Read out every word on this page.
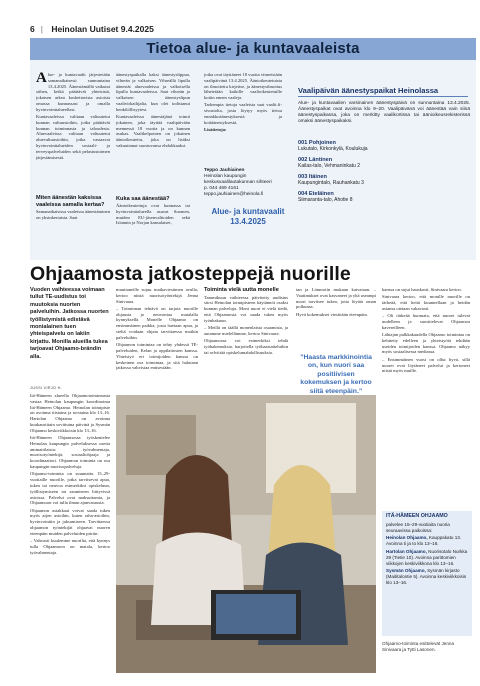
6 | Heinolan Uutiset 9.4.2025
Tietoa alue- ja kuntavaaleista
A lue- ja kuntavaalit järjestetään samanaikaisesti sunnuntaina 13.4.2025. Äänestämällä vaikutat siihen, ketkä päättävät yhteisistä, jokaisen arkea koskettavista asioista omassa kunnassasi ja omalla hyvinvointialueellasi.

Kuntavaaleissa valitaan valtuutetut kunnan valtuustoihin, jotka päättävät kunnan toiminnasta ja taloudesta. Aluevaaleissa valitaan valtuutetut aluevaltuustoihin, jotka vastaavat hyvinvointialueiden sosiaali- ja terveyspalveluiden sekä pelastustoimen järjestämisestä.

Miten äänestän kaksissa vaaleissa samalla kertaa?

Samanaikaisissa vaaleissa äänestäminen on yksinkertaista. Saat

äänestyspaikalla kaksi äänestyslippua, vihreän ja valkoisen. Vihreällä lipulla äänestät aluevaaleissa ja valkoisella lipulla kuntavaaleissa. Saat vihreän ja valkoisen äänestyslipun vaalivirkailijalta, kun olet todistanut henkilöllisyytesi.

Kuntavaaleissa äänestäjänä toimii jokainen, joka täyttää vaalipäivään mennessä 18 vuotta ja on kunnan asukas. Vaalikelpoinen on jokainen äänioikeutettu, joka on lisäksi vakuuttanut suostuvansa ehdokkaaksi.

Kuka saa äänestää?

Äänioikeutettuja ovat kunnassa tai hyvinvointialueella asuvat Suomen, muiden EU-jäsenvaltioiden sekä Islannin ja Norjan kansalaiset,

jotka ovat täyttäneet 18 vuotta viimeistään vaalipäivänä 13.4.2025. Äänioikeutetuista on ilmoitettu kirjeitse, ja äänestysilmoitus lähetetään kaikille vaalioikeutetuille kotiin ennen vaaleja.

Tarkempia tietoja vaaleista saat vaalit.fi-sivustolta, josta löytyy myös tietoa ennakkoäänestyksestä ja kotiäänestyksestä.

Lisätietoja:

Teppo Jauhiainen
Heinolan kaupungin keskusvaalilautakunnan sihteeri
p. 044 469 4161
teppo.jauhiainen@heinola.fi
Alue- ja kuntavaalit
13.4.2025
Vaalipäivän äänestyspaikat Heinolassa
Alue- ja kuntavaalien varsinainen äänestyspäivä on sunnuntaina 13.4.2025. Äänestyspaikat ovat avoinna klo 9–20. Vaalipäivänä voi äänestää vain siinä äänestyspaikassa, joka on merkitty vaalikortissa tai äänioikeusrekisterissä omaksi äänestyspaikaksi.
001 Pohjoinen
Lukutalo, Kirkonkylä, Koulukuja
002 Läntinen
Kailas-talo, Vehmaninkatu 2
003 Itäinen
Kaupungintalo, Rauhankatu 3
004 Eteläinen
Siimaranta-talo, Ahotie 8
Ohjaamosta jatkosteppejä nuorille
Vuoden vaihteessa voimaan tullut TE-uudistus toi muutoksia nuorten palveluihin. Jatkossa nuorten työllistymistä edistävä monialainen tuen yhteispalvelu on lakiin kirjattu. Monilla alueilla tukea tarjoavat Ohjaamo-brändin alla.
JUSSI VIRJO H.

Itä-Hämeen alueella Ohjaamotoiminnasta vastaa Heinolan kaupungin koordinoima Itä-Hämeen Ohjaamo. Heinolan toimipiste on avoinna tiistaina ja torstaina klo 13–16. Hartolan Ohjaamo on avoinna kuukausittain sovittuina päivinä ja Sysmän Ohjaamo keskiviikkoisin klo 13–16.

Itä-Hämeen Ohjaamossa työskentelee Heinolan kaupungin palveluksessa useita ammattilaisia: työvalmentaja, nuorisotyöntekijä, sosiaaliohjaaja ja koordinaattori. Ohjaamon toiminta on osa kaupungin nuorisopalveluja.

Ohjaamo-toiminta on suunnattu 15–29-vuotiaille nuorille, jotka tarvitsevat apua, tukea tai neuvoa esimerkiksi opiskeluun, työllistymiseen tai asumiseen liittyvissä asioissa. Palvelut ovat maksuttomia, ja Ohjaamoon voi tulla ilman ajanvarausta.

Ohjaamon asiakkaat voivat saada tukea myös arjen asioihin, kuten raha-asioihin, hyvinvointiin ja jaksamiseen. Tarvittaessa ohjaamon työntekijät ohjaavat nuoren eteenpäin muiden palveluiden piiriin.

– Vahvasti kuulemme nuorilta, että kynnys tulla Ohjaamoon on matala, kertoo työvalmentaja.

muuttaneille sujuu matkaviestimen avulla, kertoo niistä nuorisotyöntekijä Jenna Sinivaara.

– Toiminnan tehtävä on tarjota nuorille ohjausta ja neuvontaa matalalla kynnyksellä. Monelle Ohjaamo on ensimmäinen paikka, josta haetaan apua, ja sieltä voidaan ohjata tarvittaessa muihin palveluihin.

Ohjaamon toimintaa on tehty yhdessä TE-palveluiden, Kelan ja oppilaitosten kanssa. Yhteistyö eri toimijoiden kanssa on keskeinen osa toimintaa, ja sitä halutaan jatkossa vahvistaa entisestään.

Toiminta vielä uutta monelle

Tammikuun vaihteessa päivitetty uudistus siirsi Heinolan toimipisteen käytännöt osaksi kunnan palveluja. Moni nuori ei vielä tiedä, että Ohjaamosta voi saada tukea myös työnhakuun.

– Meillä on täällä monenlaista osaamista, ja autamme mielellämme, kertoo Sinivaara.

Ohjaamossa voi esimerkiksi tehdä työhakemuksia, harjoitella työhaastatteluihin tai selvittää opiskelumahdollisuuksia.

tan ja Lönnrotin mukaan kaivataan. – Vaatimukset ovat kasvaneet ja yhä useampi nuori tarvitsee tukea, jotta löytää oman polkunsa.

Hyvä kokemukset viestitään eteenpäin.

”Haasta markkinointia on, kun nuori saa positiivisen kokemuksen ja kertoo siitä eteenpäin.”

kanssa on sujut hauskasti, Sinivaara kertoo.

Sinivaara kertoo, että monille nuorille on tärkeää, että heitä kuunnellaan ja heidän asiansa otetaan vakavasti.

– Oli tärkeää huomata, että nuoret tulevat uudelleen ja suosittelevat Ohjaamoa kavereilleen.

Lähiajan palkkakaudella Ohjaamo toimintaa on kehitetty edelleen ja yhteistyötä tehdään useiden toimijoiden kanssa. Ohjaamo näkyy myös sosiaalisessa mediassa.

– Ensimmäinen vuosi on ollut hyvä, sillä nuoret ovat löytäneet palvelut ja kertoneet niistä myös muille.

ITÄ-HÄMEEN OHJAAMO

palvelee 15–29-vuotiaita nuoria seuraavissa paikoissa:

Heinolan Ohjaamo, Kauppakatu 13. Avoinna ti ja to klo 13–16.

Hartolan Ohjaamo, Nuorisotalo Nurkka 29 (Tietie 10). Avoinna parittomien viikkojen keskiviikkona klo 13–16.

Sysmän Ohjaamo, Sysmän kirjasto (Maititalontie 5). Avoinna keskiviikkoisin klo 13–16.

Ohjaamo-toiminta esittelevät Jenna Sinivaara ja Tytti Lasonen.
